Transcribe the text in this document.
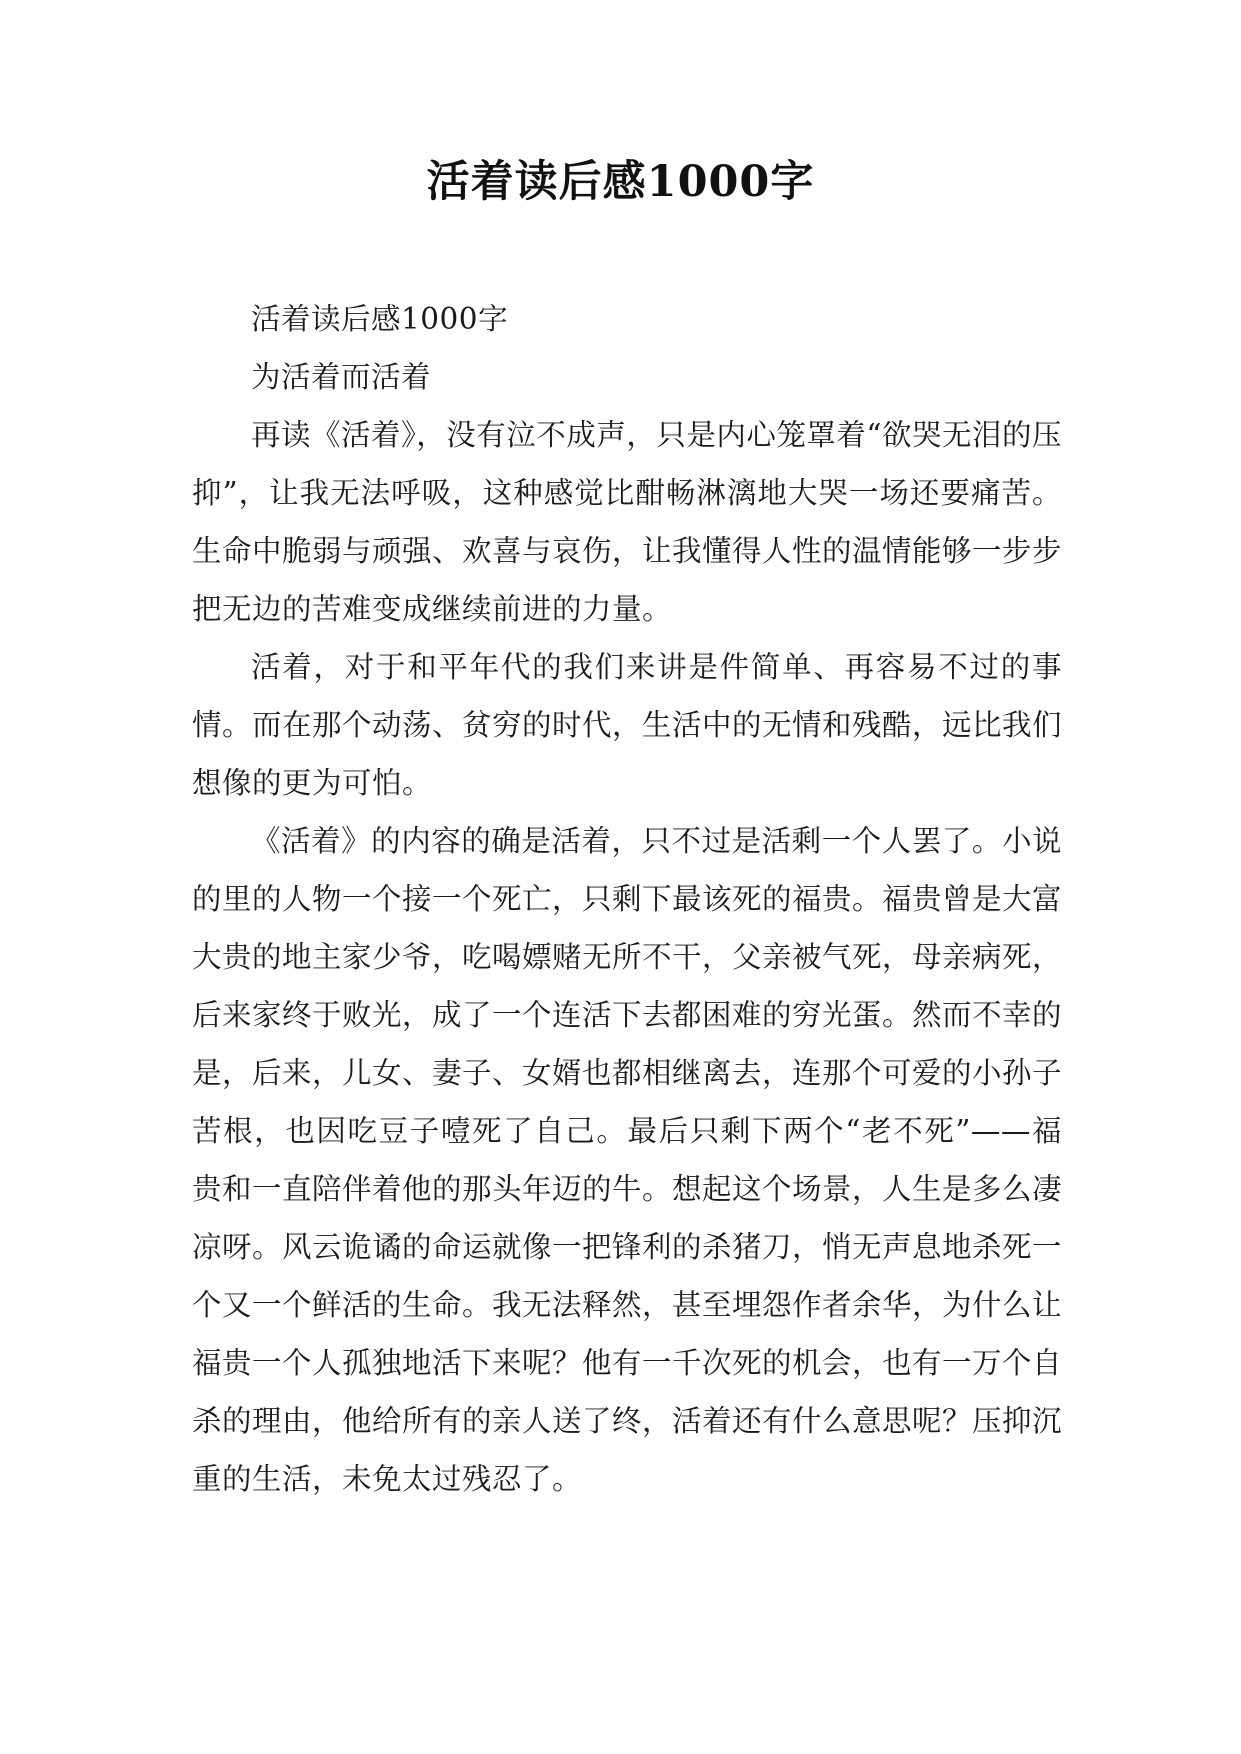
活着读后感1000字

活着读后感1000字

为活着而活着

再读《活着》，没有泣不成声，只是内心笼罩着“欲哭无泪的压抑”，让我无法呼吸，这种感觉比酣畅淋漓地大哭一场还要痛苦。生命中脆弱与顽强、欢喜与哀伤，让我懂得人性的温情能够一步步把无边的苦难变成继续前进的力量。

活着，对于和平年代的我们来讲是件简单、再容易不过的事情。而在那个动荡、贫穷的时代，生活中的无情和残酷，远比我们想像的更为可怕。

《活着》的内容的确是活着，只不过是活剩一个人罢了。小说的里的人物一个接一个死亡，只剩下最该死的福贵。福贵曾是大富大贵的地主家少爷，吃喝嫖赌无所不干，父亲被气死，母亲病死，后来家终于败光，成了一个连活下去都困难的穷光蛋。然而不幸的是，后来，儿女、妻子、女婿也都相继离去，连那个可爱的小孙子苦根，也因吃豆子噎死了自己。最后只剩下两个“老不死”——福贵和一直陪伴着他的那头年迈的牛。想起这个场景，人生是多么凄凉呀。风云诡谲的命运就像一把锋利的杀猪刀，悄无声息地杀死一个又一个鲜活的生命。我无法释然，甚至埋怨作者余华，为什么让福贵一个人孤独地活下来呢？他有一千次死的机会，也有一万个自杀的理由，他给所有的亲人送了终，活着还有什么意思呢？压抑沉重的生活，未免太过残忍了。
